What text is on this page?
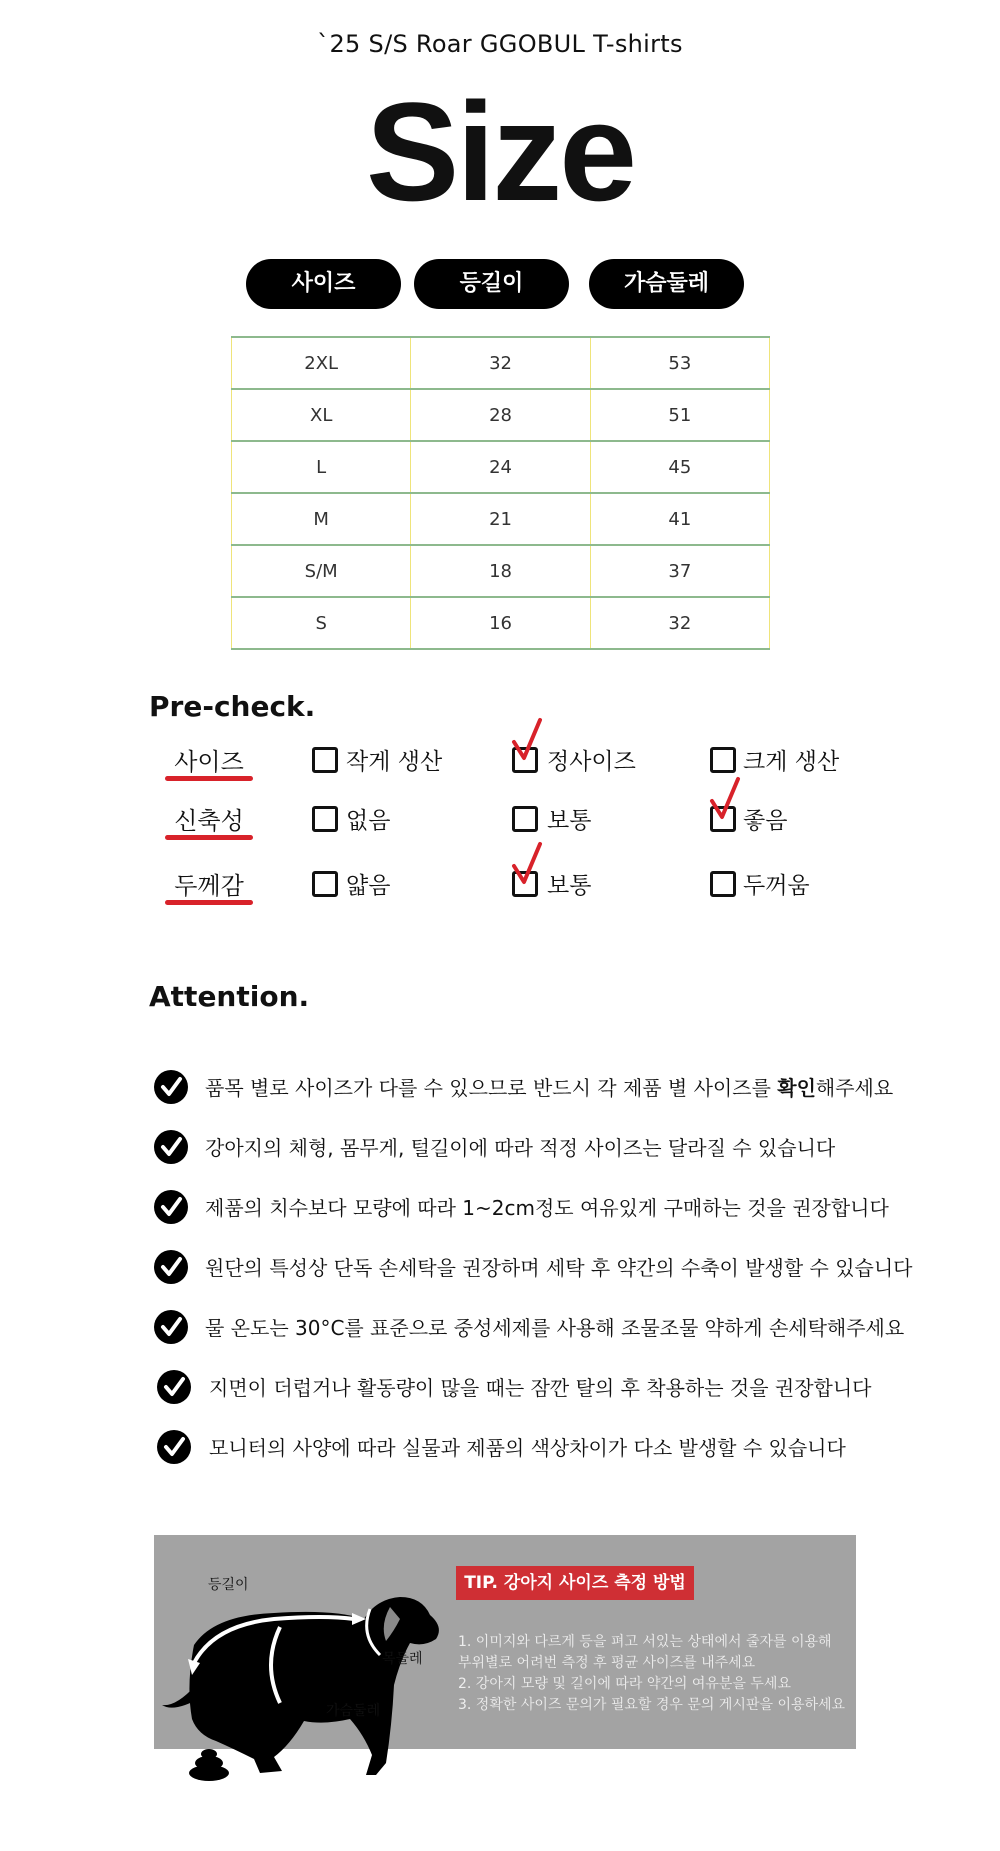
`25 S/S Roar GGOBUL T-shirts
Size
사이즈	등길이	가슴둘레
2XL	32	53
XL	28	51
L	24	45
M	21	41
S/M	18	37
S	16	32
Pre-check.
사이즈	작게 생산	정사이즈	크게 생산
신축성	없음	보통	좋음
두께감	얇음	보통	두꺼움
Attention.
품목 별로 사이즈가 다를 수 있으므로 반드시 각 제품 별 사이즈를 확인해주세요
강아지의 체형, 몸무게, 털길이에 따라 적정 사이즈는 달라질 수 있습니다
제품의 치수보다 모량에 따라 1~2cm정도 여유있게 구매하는 것을 권장합니다
원단의 특성상 단독 손세탁을 권장하며 세탁 후 약간의 수축이 발생할 수 있습니다
물 온도는 30°C를 표준으로 중성세제를 사용해 조물조물 약하게 손세탁해주세요
지면이 더럽거나 활동량이 많을 때는 잠깐 탈의 후 착용하는 것을 권장합니다
모니터의 사양에 따라 실물과 제품의 색상차이가 다소 발생할 수 있습니다
등길이
목둘레
가슴둘레
TIP. 강아지 사이즈 측정 방법
1. 이미지와 다르게 등을 펴고 서있는 상태에서 줄자를 이용해
부위별로 어려번 측정 후 평균 사이즈를 내주세요
2. 강아지 모량 및 길이에 따라 약간의 여유분을 두세요
3. 정확한 사이즈 문의가 필요할 경우 문의 게시판을 이용하세요
